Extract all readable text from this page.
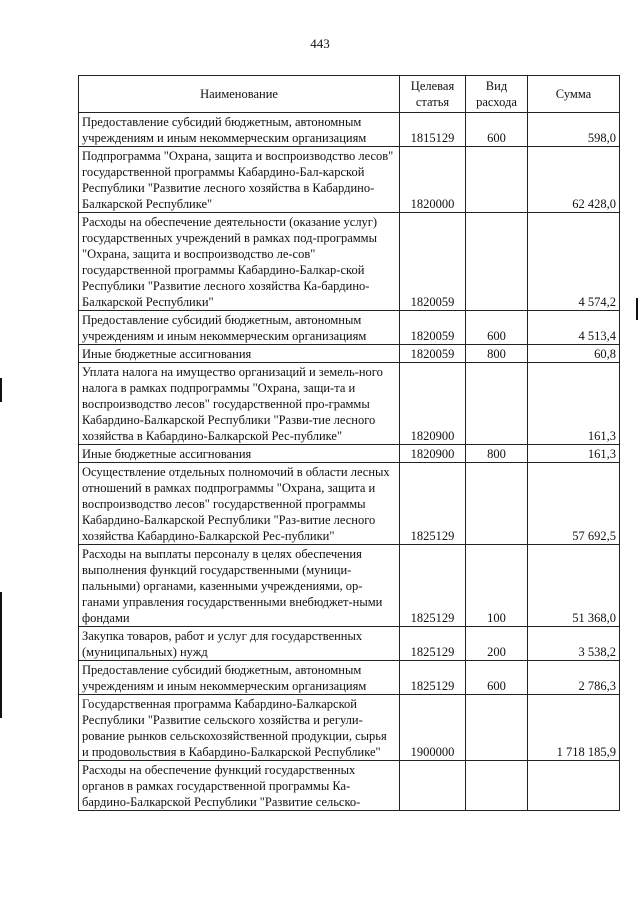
443
Наименование	Целевая статья	Вид расхода	Сумма
Предоставление субсидий бюджетным, автономным учреждениям и иным некоммерческим организациям	1815129	600	598,0
Подпрограмма "Охрана, защита и воспроизводство лесов" государственной программы Кабардино-Бал-карской Республики "Развитие лесного хозяйства в Кабардино-Балкарской Республике"	1820000		62 428,0
Расходы на обеспечение деятельности (оказание услуг) государственных учреждений в рамках под-программы "Охрана, защита и воспроизводство ле-сов" государственной программы Кабардино-Балкар-ской Республики "Развитие лесного хозяйства Ка-бардино-Балкарской Республики"	1820059		4 574,2
Предоставление субсидий бюджетным, автономным учреждениям и иным некоммерческим организациям	1820059	600	4 513,4
Иные бюджетные ассигнования	1820059	800	60,8
Уплата налога на имущество организаций и земель-ного налога в рамках подпрограммы "Охрана, защи-та и воспроизводство лесов" государственной про-граммы Кабардино-Балкарской Республики "Разви-тие лесного хозяйства в Кабардино-Балкарской Рес-публике"	1820900		161,3
Иные бюджетные ассигнования	1820900	800	161,3
Осуществление отдельных полномочий в области лесных отношений в рамках подпрограммы "Охрана, защита и воспроизводство лесов" государственной программы Кабардино-Балкарской Республики "Раз-витие лесного хозяйства Кабардино-Балкарской Рес-публики"	1825129		57 692,5
Расходы на выплаты персоналу в целях обеспечения выполнения функций государственными (муници-пальными) органами, казенными учреждениями, ор-ганами управления государственными внебюджет-ными фондами	1825129	100	51 368,0
Закупка товаров, работ и услуг для государственных (муниципальных) нужд	1825129	200	3 538,2
Предоставление субсидий бюджетным, автономным учреждениям и иным некоммерческим организациям	1825129	600	2 786,3
Государственная программа Кабардино-Балкарской Республики "Развитие сельского хозяйства и регули-рование рынков сельскохозяйственной продукции, сырья и продовольствия в Кабардино-Балкарской Республике"	1900000		1 718 185,9
Расходы на обеспечение функций государственных органов в рамках государственной программы Ка-бардино-Балкарской Республики "Развитие сельско-			
